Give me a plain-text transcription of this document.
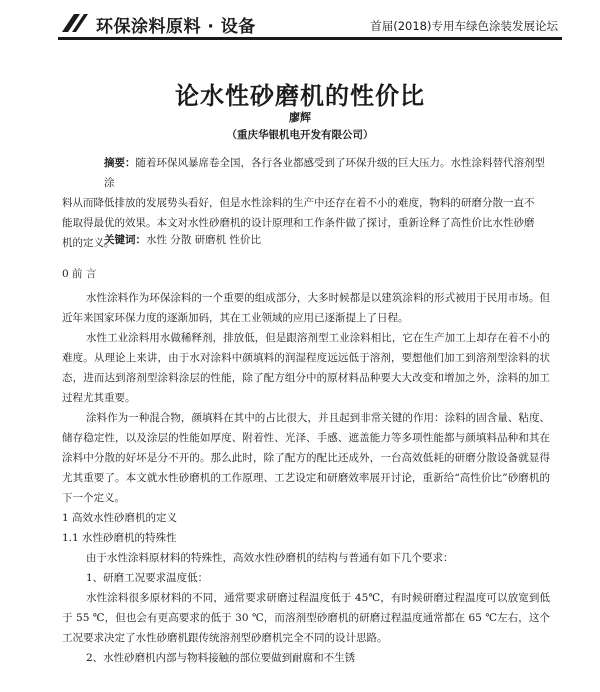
环保涂料原料 · 设备	首届(2018)专用车绿色涂装发展论坛
论水性砂磨机的性价比
廖辉
（重庆华银机电开发有限公司）
摘要：随着环保风暴席卷全国，各行各业都感受到了环保升级的巨大压力。水性涂料替代溶剂型涂
料从而降低排放的发展势头看好，但是水性涂料的生产中还存在着不小的难度，物料的研磨分散一直不
能取得最优的效果。本文对水性砂磨机的设计原理和工作条件做了探讨，重新诠释了高性价比水性砂磨
机的定义。
关键词：水性 分散 研磨机 性价比

0 前 言

水性涂料作为环保涂料的一个重要的组成部分，大多时候都是以建筑涂料的形式被用于民用市场。但近年来国家环保力度的逐渐加码，其在工业领域的应用已逐渐提上了日程。

水性工业涂料用水做稀释剂，排放低，但是跟溶剂型工业涂料相比，它在生产加工上却存在着不小的难度。从理论上来讲，由于水对涂料中颜填料的润湿程度远远低于溶剂，要想他们加工到溶剂型涂料的状态，进而达到溶剂型涂料涂层的性能，除了配方组分中的原材料品种要大大改变和增加之外，涂料的加工过程尤其重要。

涂料作为一种混合物，颜填料在其中的占比很大，并且起到非常关键的作用：涂料的固含量、粘度、储存稳定性，以及涂层的性能如厚度、附着性、光泽、手感、遮盖能力等多项性能都与颜填料品种和其在涂料中分散的好坏是分不开的。那么此时，除了配方的配比还成外，一台高效低耗的研磨分散设备就显得尤其重要了。本文就水性砂磨机的工作原理、工艺设定和研磨效率展开讨论，重新给“高性价比”砂磨机的下一个定义。

1 高效水性砂磨机的定义

1.1 水性砂磨机的特殊性

由于水性涂料原材料的特殊性，高效水性砂磨机的结构与普通有如下几个要求：

1、研磨工况要求温度低：

水性涂料很多原材料的不同，通常要求研磨过程温度低于 45℃，有时候研磨过程温度可以放宽到低于 55 ℃，但也会有更高要求的低于 30 ℃，而溶剂型砂磨机的研磨过程温度通常都在 65 ℃左右，这个工况要求决定了水性砂磨机跟传统溶剂型砂磨机完全不同的设计思路。

2、水性砂磨机内部与物料接触的部位要做到耐腐和不生锈
